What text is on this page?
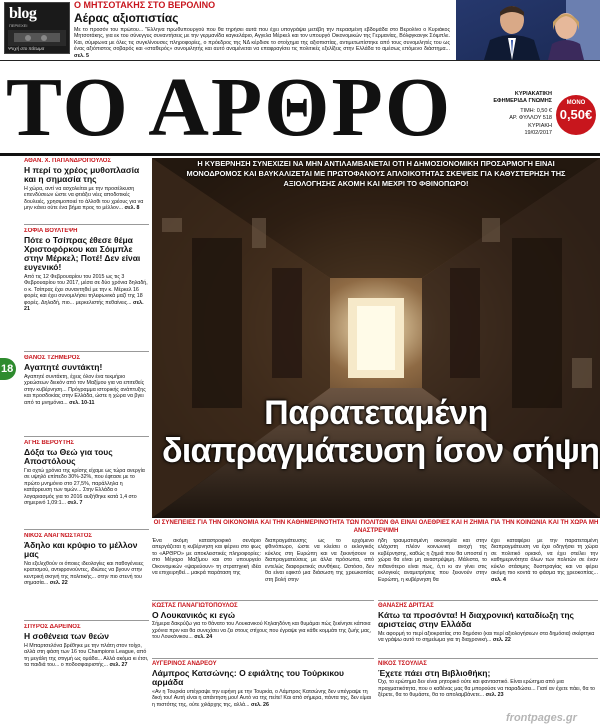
blog
ΠΕΡΙΕΧΕΙ
Ψυχή στο πάτωμα
Ο ΜΗΤΣΟΤΑΚΗΣ ΣΤΟ ΒΕΡΟΛΙΝΟ
Αέρας αξιοπιστίας
Με το προσόν του πρώτου... "Ελληνα πρωθυπουργού που θα τηρήσει αυτά που έχει υπογράψει μετέβη την περασμένη εβδομάδα στο Βερολίνο ο Κυριάκος Μητσοτάκης, για εκ του σύνεγγυς συναντήσεις με την γερμανίδα καγκελάριο, Αγγελα Μέρκελ και τον υπουργό Οικονομικών της Γερμανίας, Βόλφγκανγκ Σόιμπλε. Και, σύμφωνα με όλες τις συγκλίνουσες πληροφορίες, ο πρόεδρος της ΝΔ κέρδισε το στοίχημα της αξιοπιστίας, αντιμετωπίστηκε από τους συνομιλητές του ως ένας αξιόπιστος σοβαρός και «σταθερός» συνομιλητής και αυτό αναμένεται να επαφραγίσει τις πολιτικές εξελίξεις στην Ελλάδα το αμέσως επόμενο διάστημα... σελ. 5
ΤΟ ΑΡΘΡΟ	ΚΥΡΙΑΚΑΤΙΚΗ
ΕΦΗΜΕΡΙΔΑ ΓΝΩΜΗΣ
ΤΙΜΗ: 0,50 €
ΑΡ. ΦΥΛΛΟΥ 518
ΚΥΡΙΑΚΗ
19/02/2017
ΜΟΝΟ
0,50€
18
ΑΘΑΝ. Χ. ΠΑΠΑΝΔΡΟΠΟΥΛΟΣ
Η περί το χρέος μυθοπλασία και η σημασία της
Η χώρα, αντί να ασχολείται με την προσέλκυση επενδύσεων ώστε να φτιάξει νέες αποδοτικές δουλειές, χρησιμοποιεί το άλλοθι του χρέους για να μην κάνει ούτε ένα βήμα προς το μέλλον... σελ. 8
ΣΟΦΙΑ ΒΟΥΛΤΕΨΗ
Πότε ο Τσίπρας έθεσε θέμα Χριστοφόρκου και Σόιμπλε στην Μέρκελ; Ποτέ! Δεν είναι ευγενικό!
Από τις 12 Φεβρουαρίου του 2015 ως τις 3 Φεβρουαρίου του 2017, μέσα σε δύο χρόνια δηλαδή, ο κ. Τσίπρας έχει συναντηθεί με την κ. Μέρκελ 16 φορές και έχει συνομιλήσει τηλεφωνικά μαζί της 18 φορές. Δηλαδή, πιο... μερκελιστής πεθαίνεις... σελ. 21
ΘΑΝΟΣ ΤΖΗΜΕΡΟΣ
Αγαπητέ συντάκτη!
Αγαπητέ συντάκτη, έχεις όλον ένα τεκμήριο χρεώσεων διεκόν από τον Μαξίμου για να επιτεθείς στην κυβέρνηση... Πρόγραμμα ιστορικής ανάπτυξης και προσδοκίας στην Ελλάδα, ώστε η χώρα να βγει από τα μνημόνια... σελ. 10-11
ΑΓΗΣ ΒΕΡΟΥΤΗΣ
Δόξα τω Θεώ για τους Αποστόλους
Για οχτώ χρόνια της κρίσης είχαμε ως τώρα ανεργία σε υψηλό επίπεδο 30%-32%, που έφτασε με το πρώτο μνημόνιο στο 27,5%, παράλληλα η κατάρρευση των τιμών... Στην Ελλάδα ο λογαριασμός για το 2016 αυξήθηκε κατά 1,4 στο σημερινό 1,09:1... σελ. 7
ΝΙΚΟΣ ΑΝΑΓΝΩΣΤΑΤΟΣ
Άδηλο και κρύφιο το μέλλον μας
Να εξελιχθούν οι όποιες ιδεολογίες και παθογένειες κρατισμού, αντιφρονούντες, ιδιώτες να βγουν στην κεντρική σκηνή της πολιτικής... στην πιο στενή του σημασία... σελ. 22
ΣΠΥΡΟΣ ΔΑΡΕΙΝΟΣ
Η σοθένεια των θεών
Η Μπαρτσελόνα βρέθηκε με την πλάτη στον τοίχο, αλλά στη φάση των 16 του Champions League, από τη μεγάλη της στιγμή ως ομάδα... Αλλά ακόμα κι έτσι, τα παιδιά του... ο ποδοσφαιριστής... σελ. 27
Η ΚΥΒΕΡΝΗΣΗ ΣΥΝΕΧΙΖΕΙ ΝΑ ΜΗΝ ΑΝΤΙΛΑΜΒΑΝΕΤΑΙ ΟΤΙ Η ΔΗΜΟΣΙΟΝΟΜΙΚΗ ΠΡΟΣΑΡΜΟΓΗ ΕΙΝΑΙ ΜΟΝΟΔΡΟΜΟΣ ΚΑΙ ΒΑΥΚΑΛΙΖΕΤΑΙ ΜΕ ΠΡΩΤΟΦΑΝΟΥΣ ΑΠΛΟΙΚΟΤΗΤΑΣ ΣΚΕΨΕΙΣ ΓΙΑ ΚΑΘΥΣΤΕΡΗΣΗ ΤΗΣ ΑΞΙΟΛΟΓΗΣΗΣ ΑΚΟΜΗ ΚΑΙ ΜΕΧΡΙ ΤΟ ΦΘΙΝΟΠΩΡΟ!
Παρατεταμένη
διαπραγμάτευση ίσον σήψη
ΟΙ ΣΥΝΕΠΕΙΕΣ ΓΙΑ ΤΗΝ ΟΙΚΟΝΟΜΙΑ ΚΑΙ ΤΗΝ ΚΑΘΗΜΕΡΙΝΟΤΗΤΑ ΤΩΝ ΠΟΛΙΤΩΝ ΘΑ ΕΙΝΑΙ ΟΛΕΘΡΙΕΣ ΚΑΙ Η ΖΗΜΙΑ ΓΙΑ ΤΗΝ ΚΟΙΝΩΝΙΑ ΚΑΙ ΤΗ ΧΩΡΑ ΜΗ ΑΝΑΣΤΡΕΨΙΜΗ
Ένα ακόμη καταστροφικό σενάριο απεργάζεται η κυβέρνηση και φέρνει στο φως το «ΑΡΘΡΟ» με αποκλειστικές πληροφορίες: στο Μέγαρο Μαξίμου και στο υπουργείο Οικονομικών «ψαρεύουν» τη στρατηγική ιδέα να επιχειρηθεί... μακρά παράταση της
διαπραγμάτευσης ως το ερχόμενο φθινόπωρο, ώστε να κλείσει ο εκλογικός κύκλος στη Ευρώπη και να ξεκινήσουν οι διαπραγματεύσεις με άλλα πρόσωπα, από εντελώς διαφορετικές συνθήκες. Ωστόσο, δεν θα είναι εφικτό μια διάσωση της χρεωκοπίας στη βολή στην
ήδη τραυματισμένη οικονομία και στην ελάχιστη πλέον κοινωνική ανοχή της κυβέρνησης, καθώς η ζημιά που θα υποστεί η χώρα θα είναι μη αναστρέψιμη. Μάλιστα, το πιθανότερο είναι πως, ό,τι κι αν γίνει στις εκλογικές αναμετρήσεις που ξεκινούν στην Ευρώπη, η κυβέρνηση θα
έχει καταφέρει με την παρατεταμένη διαπραγμάτευση να έχει οδηγήσει τη χώρα σε πολιτικό οριακό, να έχει στείλει την καθημερινότητα όλων των πολιτών σε έναν κύκλο στάσιμης δυσπραγίας και να φέρει ακόμη πιο κοντά το φάσμα της χρεοκοπίας... σελ. 4
ΚΩΣΤΑΣ ΠΑΝΑΓΙΩΤΟΠΟΥΛΟΣ
Ο Λουκανικός κι εγώ
Σήμερα δακρύζω για το θάνατο του Λουκανικού Κηλαηδόνη και θυμάμαι πώς ξεκίνησε κάποια χρόνια πριν και θα συνεχίσει να ζει στους στίχους που έγραψε για κάθε κομμάτι της ζωής μας, του Λουκάνικου... σελ. 24
ΑΥΓΕΡΙΝΟΣ ΑΝΔΡΕΟΥ
Λάμπρος Κατσώνης: Ο εφιάλτης του Τούρκικου αρμάδα
«Αν η Τουρκία υπέγραψε την ειρήνη με την Τουρκία, ο Λάμπρος Κατσώνης δεν υπέγραψε τη δική του! Αυτή είναι η απάντηση μου! Αυτό να της πείτε! Και από σήμερα, πάντα της, δεν είμαι η πιστότης της, ούτε χιλάρχης της, αλλά... σελ. 26
ΘΑΝΑΣΗΣ ΔΡΙΤΣΑΣ
Κάτω τα προσόντα! Η διαχρονική καταδίωξη της αριστείας στην Ελλάδα
Με αφορμή το περί αξιοκρατίας στο δημόσιο (και περί αξιολογήσεων στα δημόσια) σκέφτηκα να γράψω αυτό το σημείωμα για τη διαχρονική... σελ. 22
ΝΙΚΟΣ ΤΣΟΥΛΙΑΣ
Έχετε πάει στη Βιβλιοθήκη;
Όχι, το ερώτημα δεν είναι ρητορικό ούτε και φανταστικό. Είναι ερώτημα από μια πραγματικότητα, που ο καθένας μας θα μπορούσε να παραδώσει... Γιατί αν έχετε πάει, θα το ξέρετε, θα το θυμάστε, θα το απολαμβάνετε... σελ. 23
frontpages.gr
